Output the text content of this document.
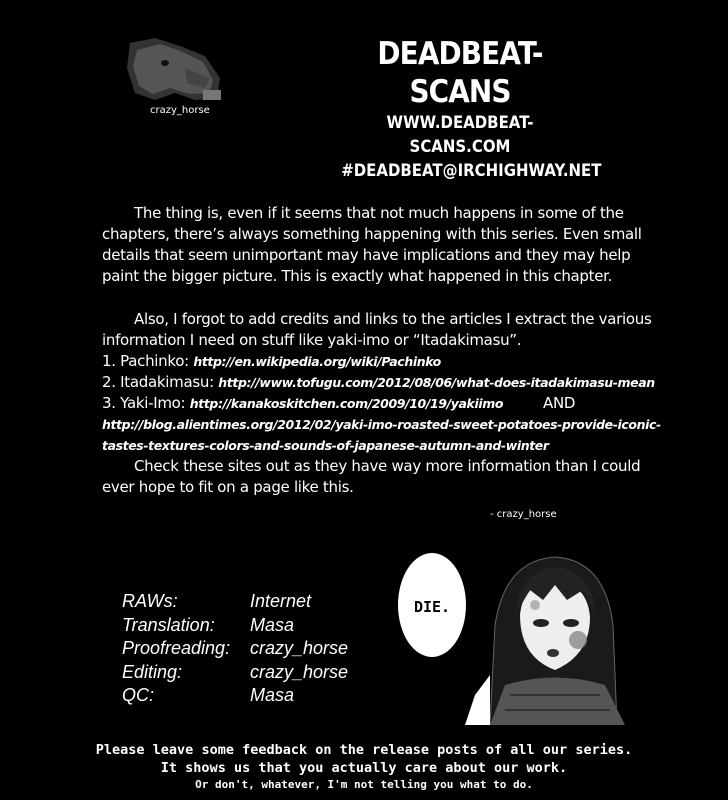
crazy_horse
DEADBEAT-SCANS
WWW.DEADBEAT-SCANS.COM
#DEADBEAT@IRCHIGHWAY.NET

The thing is, even if it seems that not much happens in some of the chapters, there’s always something happening with this series. Even small details that seem unimportant may have implications and they may help paint the bigger picture. This is exactly what happened in this chapter.

Also, I forgot to add credits and links to the articles I extract the various information I need on stuff like yaki-imo or “Itadakimasu”.

1. Pachinko: http://en.wikipedia.org/wiki/Pachinko

2. Itadakimasu: http://www.tofugu.com/2012/08/06/what-does-itadakimasu-mean

3. Yaki-Imo: http://kanakoskitchen.com/2009/10/19/yakiimo	AND

http://blog.alientimes.org/2012/02/yaki-imo-roasted-sweet-potatoes-provide-iconic-

tastes-textures-colors-and-sounds-of-japanese-autumn-and-winter

Check these sites out as they have way more information than I could ever hope to fit on a page like this.

- crazy_horse
RAWs:	Internet
Translation:	Masa
Proofreading:	crazy_horse
Editing:	crazy_horse
QC:	Masa
DIE.
Please leave some feedback on the release posts of all our series.
It shows us that you actually care about our work.
Or don't, whatever, I'm not telling you what to do.
